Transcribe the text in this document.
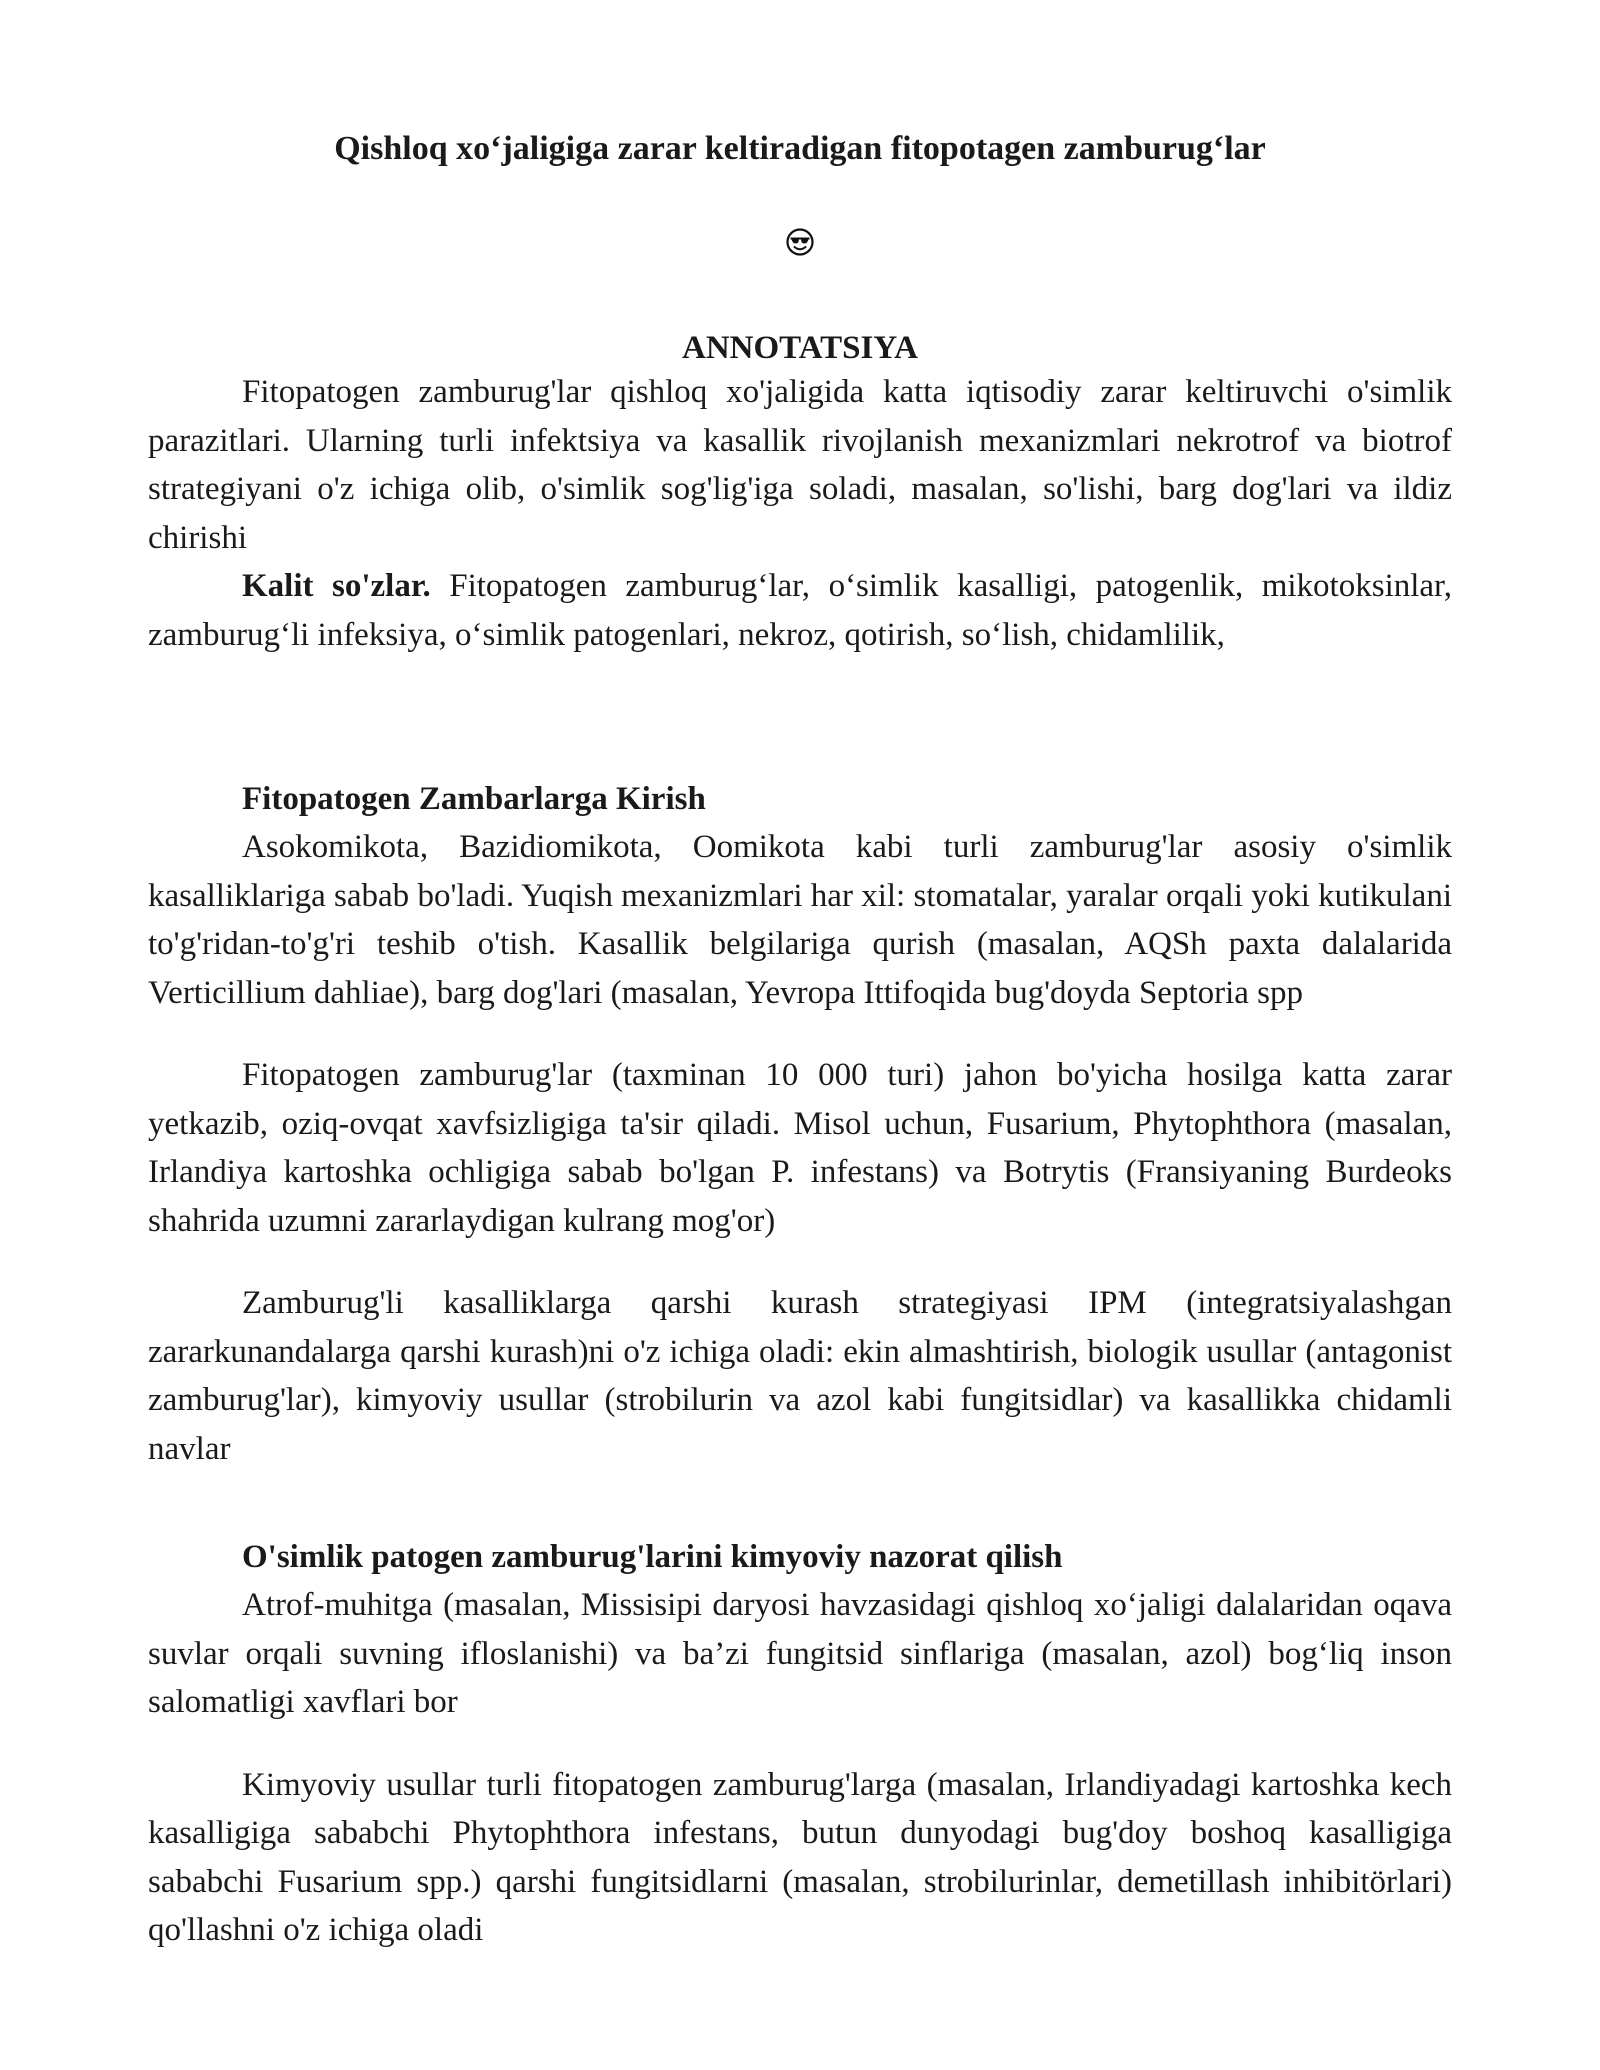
Qishloq xo‘jaligiga zarar keltiradigan fitopotagen zamburug‘lar
ANNOTATSIYA

Fitopatogen zamburug'lar qishloq xo'jaligida katta iqtisodiy zarar keltiruvchi o'simlik parazitlari. Ularning turli infektsiya va kasallik rivojlanish mexanizmlari nekrotrof va biotrof strategiyani o'z ichiga olib, o'simlik sog'lig'iga soladi, masalan, so'lishi, barg dog'lari va ildiz chirishi

Kalit so'zlar. Fitopatogen zamburug‘lar, o‘simlik kasalligi, patogenlik, mikotoksinlar, zamburug‘li infeksiya, o‘simlik patogenlari, nekroz, qotirish, so‘lish, chidamlilik,

Fitopatogen Zambarlarga Kirish

Asokomikota, Bazidiomikota, Oomikota kabi turli zamburug'lar asosiy o'simlik kasalliklariga sabab bo'ladi. Yuqish mexanizmlari har xil: stomatalar, yaralar orqali yoki kutikulani to'g'ridan-to'g'ri teshib o'tish. Kasallik belgilariga qurish (masalan, AQSh paxta dalalarida Verticillium dahliae), barg dog'lari (masalan, Yevropa Ittifoqida bug'doyda Septoria spp

Fitopatogen zamburug'lar (taxminan 10 000 turi) jahon bo'yicha hosilga katta zarar yetkazib, oziq-ovqat xavfsizligiga ta'sir qiladi. Misol uchun, Fusarium, Phytophthora (masalan, Irlandiya kartoshka ochligiga sabab bo'lgan P. infestans) va Botrytis (Fransiyaning Burdeoks shahrida uzumni zararlaydigan kulrang mog'or)

Zamburug'li kasalliklarga qarshi kurash strategiyasi IPM (integratsiyalashgan zararkunandalarga qarshi kurash)ni o'z ichiga oladi: ekin almashtirish, biologik usullar (antagonist zamburug'lar), kimyoviy usullar (strobilurin va azol kabi fungitsidlar) va kasallikka chidamli navlar

O'simlik patogen zamburug'larini kimyoviy nazorat qilish

Atrof-muhitga (masalan, Missisipi daryosi havzasidagi qishloq xo‘jaligi dalalaridan oqava suvlar orqali suvning ifloslanishi) va ba’zi fungitsid sinflariga (masalan, azol) bog‘liq inson salomatligi xavflari bor

Kimyoviy usullar turli fitopatogen zamburug'larga (masalan, Irlandiyadagi kartoshka kech kasalligiga sababchi Phytophthora infestans, butun dunyodagi bug'doy boshoq kasalligiga sababchi Fusarium spp.) qarshi fungitsidlarni (masalan, strobilurinlar, demetillash inhibitörlari) qo'llashni o'z ichiga oladi
